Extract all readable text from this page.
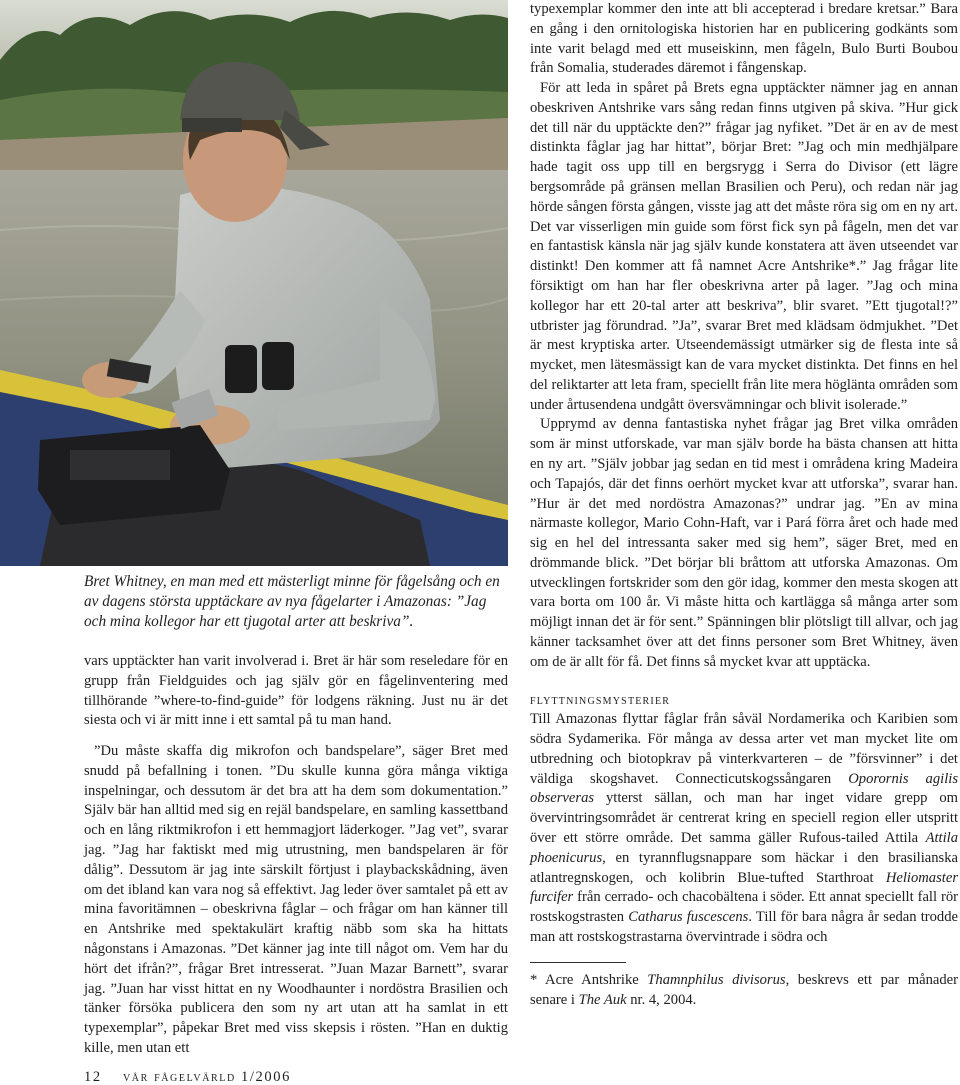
Bret Whitney, en man med ett mästerligt minne för fågelsång och en av dagens största upptäckare av nya fågelarter i Amazonas: ”Jag och mina kollegor har ett tjugotal arter att beskriva”.

vars upptäckter han varit involverad i. Bret är här som reseledare för en grupp från Fieldguides och jag själv gör en fågelinventering med tillhörande ”where-to-find-guide” för lodgens räkning. Just nu är det siesta och vi är mitt inne i ett samtal på tu man hand.

”Du måste skaffa dig mikrofon och bandspelare”, säger Bret med snudd på befallning i tonen. ”Du skulle kunna göra många viktiga inspelningar, och dessutom är det bra att ha dem som dokumentation.” Själv bär han alltid med sig en rejäl bandspelare, en samling kassettband och en lång riktmikrofon i ett hemmagjort läderkoger. ”Jag vet”, svarar jag. ”Jag har faktiskt med mig utrustning, men bandspelaren är för dålig”. Dessutom är jag inte särskilt förtjust i playbackskådning, även om det ibland kan vara nog så effektivt. Jag leder över samtalet på ett av mina favoritämnen – obeskrivna fåglar – och frågar om han känner till en Antshrike med spektakulärt kraftig näbb som ska ha hittats någonstans i Amazonas. ”Det känner jag inte till något om. Vem har du hört det ifrån?”, frågar Bret intresserat. ”Juan Mazar Barnett”, svarar jag. ”Juan har visst hittat en ny Woodhaunter i nordöstra Brasilien och tänker försöka publicera den som ny art utan att ha samlat in ett typexemplar”, påpekar Bret med viss skepsis i rösten. ”Han en duktig kille, men utan ett

typexemplar kommer den inte att bli accepterad i bredare kretsar.” Bara en gång i den ornitologiska historien har en publicering godkänts som inte varit belagd med ett museiskinn, men fågeln, Bulo Burti Boubou från Somalia, studerades däremot i fångenskap.

För att leda in spåret på Brets egna upptäckter nämner jag en annan obeskriven Antshrike vars sång redan finns utgiven på skiva. ”Hur gick det till när du upptäckte den?” frågar jag nyfiket. ”Det är en av de mest distinkta fåglar jag har hittat”, börjar Bret: ”Jag och min medhjälpare hade tagit oss upp till en bergsrygg i Serra do Divisor (ett lägre bergsområde på gränsen mellan Brasilien och Peru), och redan när jag hörde sången första gången, visste jag att det måste röra sig om en ny art. Det var visserligen min guide som först fick syn på fågeln, men det var en fantastisk känsla när jag själv kunde konstatera att även utseendet var distinkt! Den kommer att få namnet Acre Antshrike*.” Jag frågar lite försiktigt om han har fler obeskrivna arter på lager. ”Jag och mina kollegor har ett 20-tal arter att beskriva”, blir svaret. ”Ett tjugotal!?” utbrister jag förundrad. ”Ja”, svarar Bret med klädsam ödmjukhet. ”Det är mest kryptiska arter. Utseendemässigt utmärker sig de flesta inte så mycket, men lätesmässigt kan de vara mycket distinkta. Det finns en hel del reliktarter att leta fram, speciellt från lite mera höglänta områden som under årtusendena undgått översvämningar och blivit isolerade.”

Upprymd av denna fantastiska nyhet frågar jag Bret vilka områden som är minst utforskade, var man själv borde ha bästa chansen att hitta en ny art. ”Själv jobbar jag sedan en tid mest i områdena kring Madeira och Tapajós, där det finns oerhört mycket kvar att utforska”, svarar han. ”Hur är det med nordöstra Amazonas?” undrar jag. ”En av mina närmaste kollegor, Mario Cohn-Haft, var i Pará förra året och hade med sig en hel del intressanta saker med sig hem”, säger Bret, med en drömmande blick. ”Det börjar bli bråttom att utforska Amazonas. Om utvecklingen fortskrider som den gör idag, kommer den mesta skogen att vara borta om 100 år. Vi måste hitta och kartlägga så många arter som möjligt innan det är för sent.” Spänningen blir plötsligt till allvar, och jag känner tacksamhet över att det finns personer som Bret Whitney, även om de är allt för få. Det finns så mycket kvar att upptäcka.

flyttningsmysterier

Till Amazonas flyttar fåglar från såväl Nordamerika och Karibien som södra Sydamerika. För många av dessa arter vet man mycket lite om utbredning och biotopkrav på vinterkvarteren – de ”försvinner” i det väldiga skogshavet. Connecticutskogssångaren Oporornis agilis observeras ytterst sällan, och man har inget vidare grepp om övervintringsområdet är centrerat kring en speciell region eller utspritt över ett större område. Det samma gäller Rufous-tailed Attila Attila phoenicurus, en tyrannflugsnappare som häckar i den brasilianska atlantregnskogen, och kolibrin Blue-tufted Starthroat Heliomaster furcifer från cerrado- och chacobältena i söder. Ett annat speciellt fall rör rostskogstrasten Catharus fuscescens. Till för bara några år sedan trodde man att rostskogstrastarna övervintrade i södra och

* Acre Antshrike Thamnphilus divisorus, beskrevs ett par månader senare i The Auk nr. 4, 2004.

12 vår fågelvärld 1/2006
